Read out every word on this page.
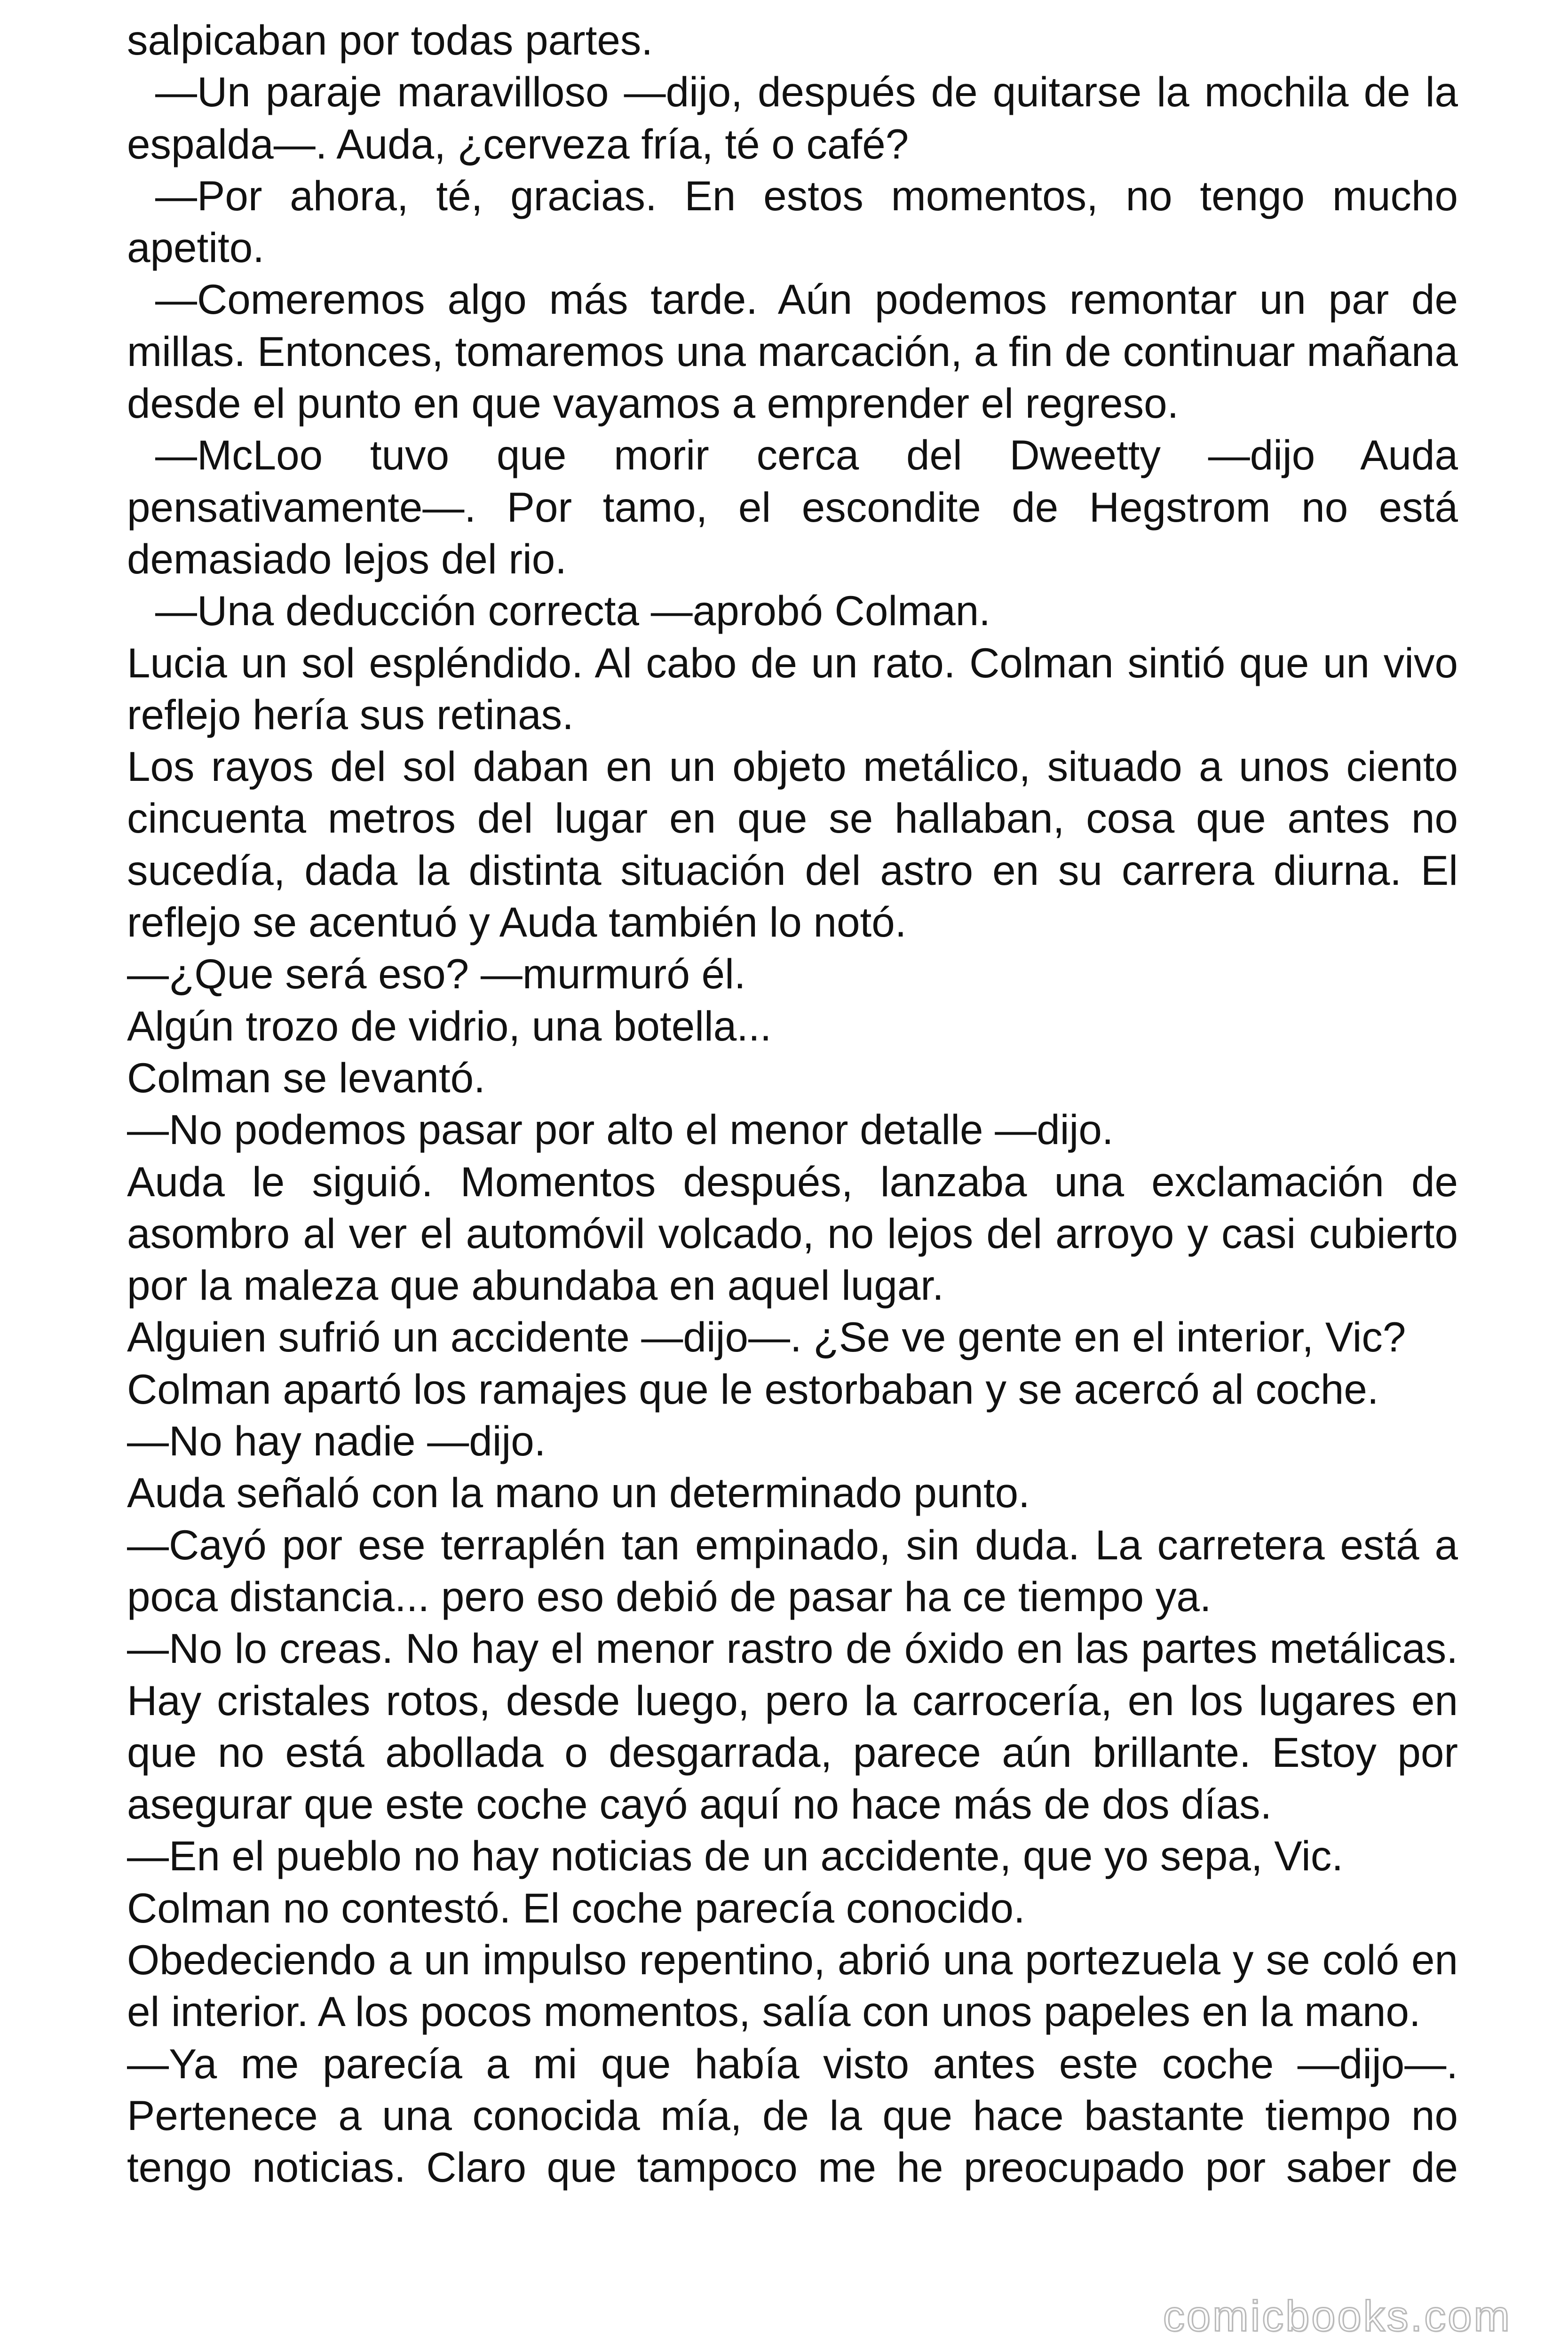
salpicaban por todas partes.

—Un paraje maravilloso —dijo, después de quitarse la mochila de la espalda—. Auda, ¿cerveza fría, té o café?

—Por ahora, té, gracias. En estos momentos, no tengo mucho apetito.

—Comeremos algo más tarde. Aún podemos remontar un par de millas. Entonces, tomaremos una marcación, a fin de continuar mañana desde el punto en que vayamos a emprender el regreso.

—McLoo tuvo que morir cerca del Dweetty —dijo Auda pensativamente—. Por tamo, el escondite de Hegstrom no está demasiado lejos del rio.

—Una deducción correcta —aprobó Colman.

Lucia un sol espléndido. Al cabo de un rato. Colman sintió que un vivo reflejo hería sus retinas.

Los rayos del sol daban en un objeto metálico, situado a unos ciento cincuenta metros del lugar en que se hallaban, cosa que antes no sucedía, dada la distinta situación del astro en su carrera diurna. El reflejo se acentuó y Auda también lo notó.

—¿Que será eso? —murmuró él.

Algún trozo de vidrio, una botella...

Colman se levantó.

—No podemos pasar por alto el menor detalle —dijo.

Auda le siguió. Momentos después, lanzaba una exclamación de asombro al ver el automóvil volcado, no lejos del arroyo y casi cubierto por la maleza que abundaba en aquel lugar.

Alguien sufrió un accidente —dijo—. ¿Se ve gente en el interior, Vic?

Colman apartó los ramajes que le estorbaban y se acercó al coche.

—No hay nadie —dijo.

Auda señaló con la mano un determinado punto.

—Cayó por ese terraplén tan empinado, sin duda. La carretera está a poca distancia... pero eso debió de pasar ha ce tiempo ya.

—No lo creas. No hay el menor rastro de óxido en las partes metálicas. Hay cristales rotos, desde luego, pero la carrocería, en los lugares en que no está abollada o desgarrada, parece aún brillante. Estoy por asegurar que este coche cayó aquí no hace más de dos días.

—En el pueblo no hay noticias de un accidente, que yo sepa, Vic.

Colman no contestó. El coche parecía conocido.

Obedeciendo a un impulso repentino, abrió una portezuela y se coló en el interior. A los pocos momentos, salía con unos papeles en la mano.

—Ya me parecía a mi que había visto antes este coche —dijo—. Pertenece a una conocida mía, de la que hace bastante tiempo no tengo noticias. Claro que tampoco me he preocupado por saber de

comicbooks.com
